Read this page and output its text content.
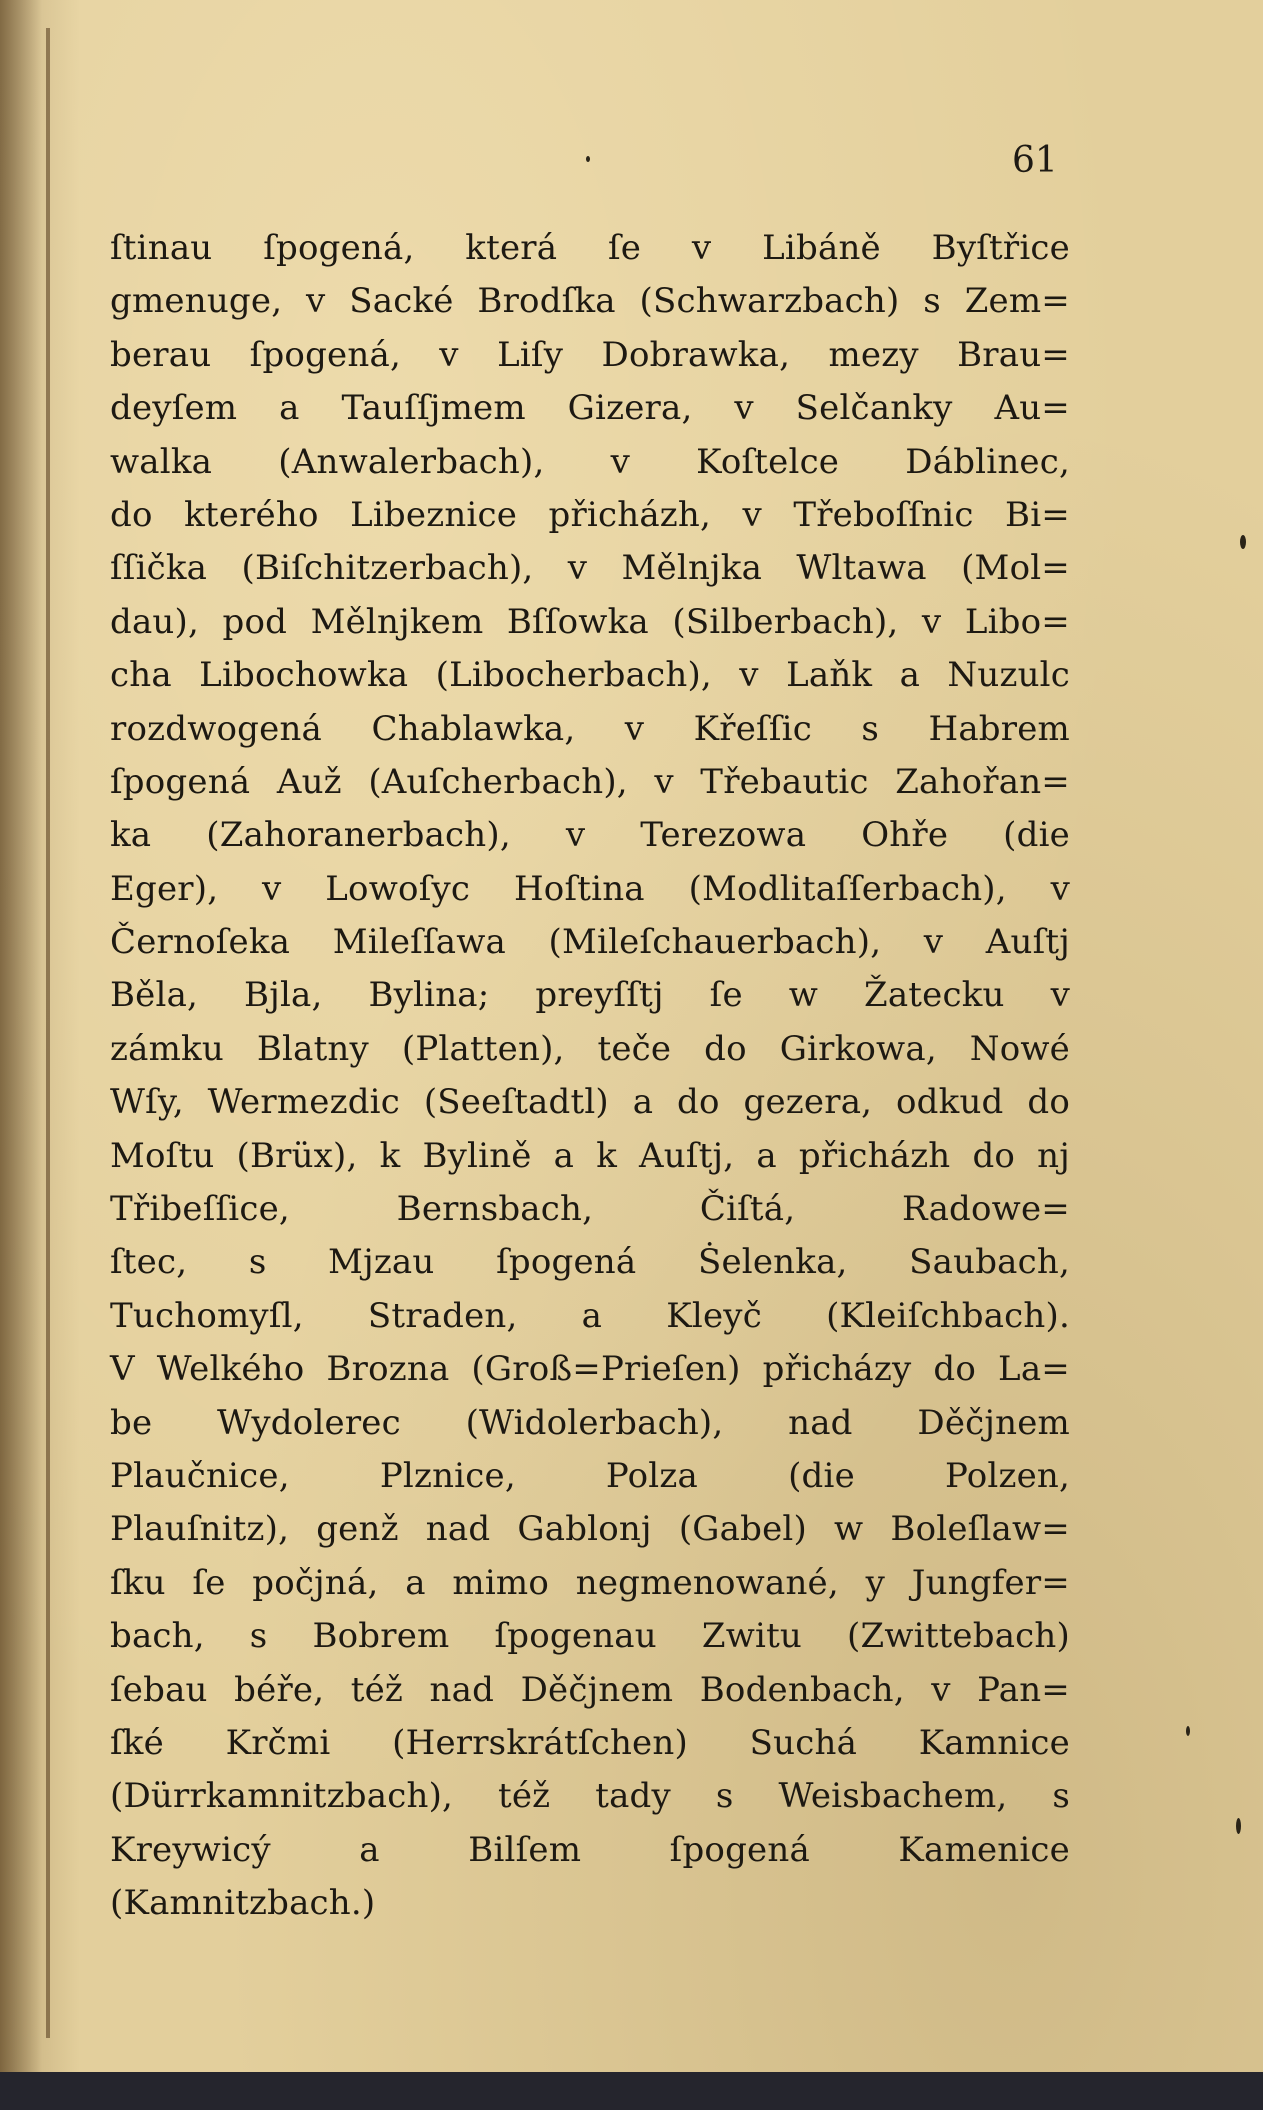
61
ſtinau ſpogená, která ſe v Libáně Byſtřice
gmenuge, v Sacké Brodſka (Schwarzbach) s Zem=
berau ſpogená, v Liſy Dobrawka, mezy Brau=
deyſem a Tauſſjmem Gizera, v Selčanky Au=
walka (Anwalerbach), v Koſtelce Dáblinec,
do kterého Libeznice přicházh, v Třeboſſnic Bi=
ſſička (Biſchitzerbach), v Mělnjka Wltawa (Mol=
dau), pod Mělnjkem Bſſowka (Silberbach), v Libo=
cha Libochowka (Libocherbach), v Laňk a Nuzulc
rozdwogená Chablawka, v Křeſſic s Habrem
ſpogená Auž (Auſcherbach), v Třebautic Zahořan=
ka (Zahoranerbach), v Terezowa Ohře (die
Eger), v Lowoſyc Hoſtina (Modlitaſſerbach), v
Černoſeka Mileſſawa (Mileſchauerbach), v Auſtj
Běla, Bjla, Bylina; preyſſtj ſe w Žatecku v
zámku Blatny (Platten), teče do Girkowa, Nowé
Wſy, Wermezdic (Seeſtadtl) a do gezera, odkud do
Moſtu (Brüx), k Bylině a k Auſtj, a přicházh do nj
Třibeſſice, Bernsbach, Čiſtá, Radowe=
ſtec, s Mjzau ſpogená Ṡelenka, Saubach,
Tuchomyſl, Straden, a Kleyč (Kleiſchbach).
V Welkého Brozna (Groß=Prieſen) přicházy do La=
be Wydolerec (Widolerbach), nad Děčjnem
Plaučnice, Plznice, Polza (die Polzen,
Plauſnitz), genž nad Gablonj (Gabel) w Boleſlaw=
ſku ſe počjná, a mimo negmenowané, y Jungfer=
bach, s Bobrem ſpogenau Zwitu (Zwittebach)
ſebau béře, též nad Děčjnem Bodenbach, v Pan=
ſké Krčmi (Herrskrátſchen) Suchá Kamnice
(Dürrkamnitzbach), též tady s Weisbachem, s
Kreywicý a Bilſem ſpogená Kamenice
(Kamnitzbach.)
